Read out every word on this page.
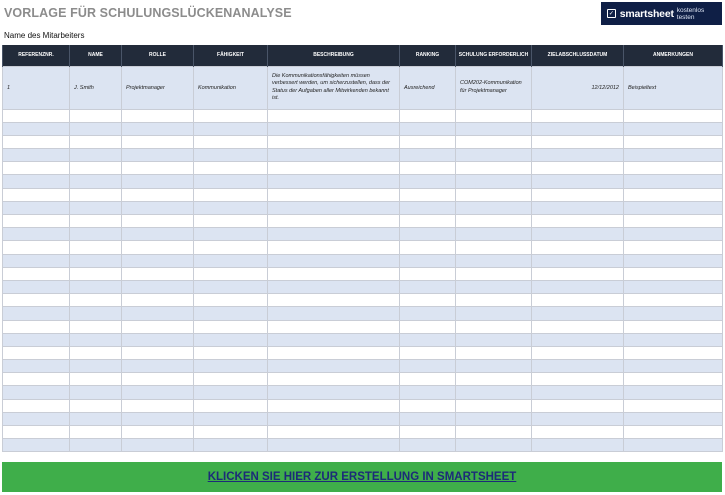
VORLAGE FÜR SCHULUNGSLÜCKENANALYSE	✓ smartsheet kostenlos testen
Name des Mitarbeiters
REFERENZNR.	NAME	ROLLE	FÄHIGKEIT	BESCHREIBUNG	RANKING	SCHULUNG ERFORDERLICH	ZIELABSCHLUSSDATUM	ANMERKUNGEN
1	J. Smith	Projektmanager	Kommunikation	Die Kommunikationsfähigkeiten müssen verbessert werden, um sicherzustellen, dass der Status der Aufgaben aller Mitwirkenden bekannt ist.	Ausreichend	COM202-Kommunikation für Projektmanager	12/12/2012	Beispieltext

KLICKEN SIE HIER ZUR ERSTELLUNG IN SMARTSHEET
